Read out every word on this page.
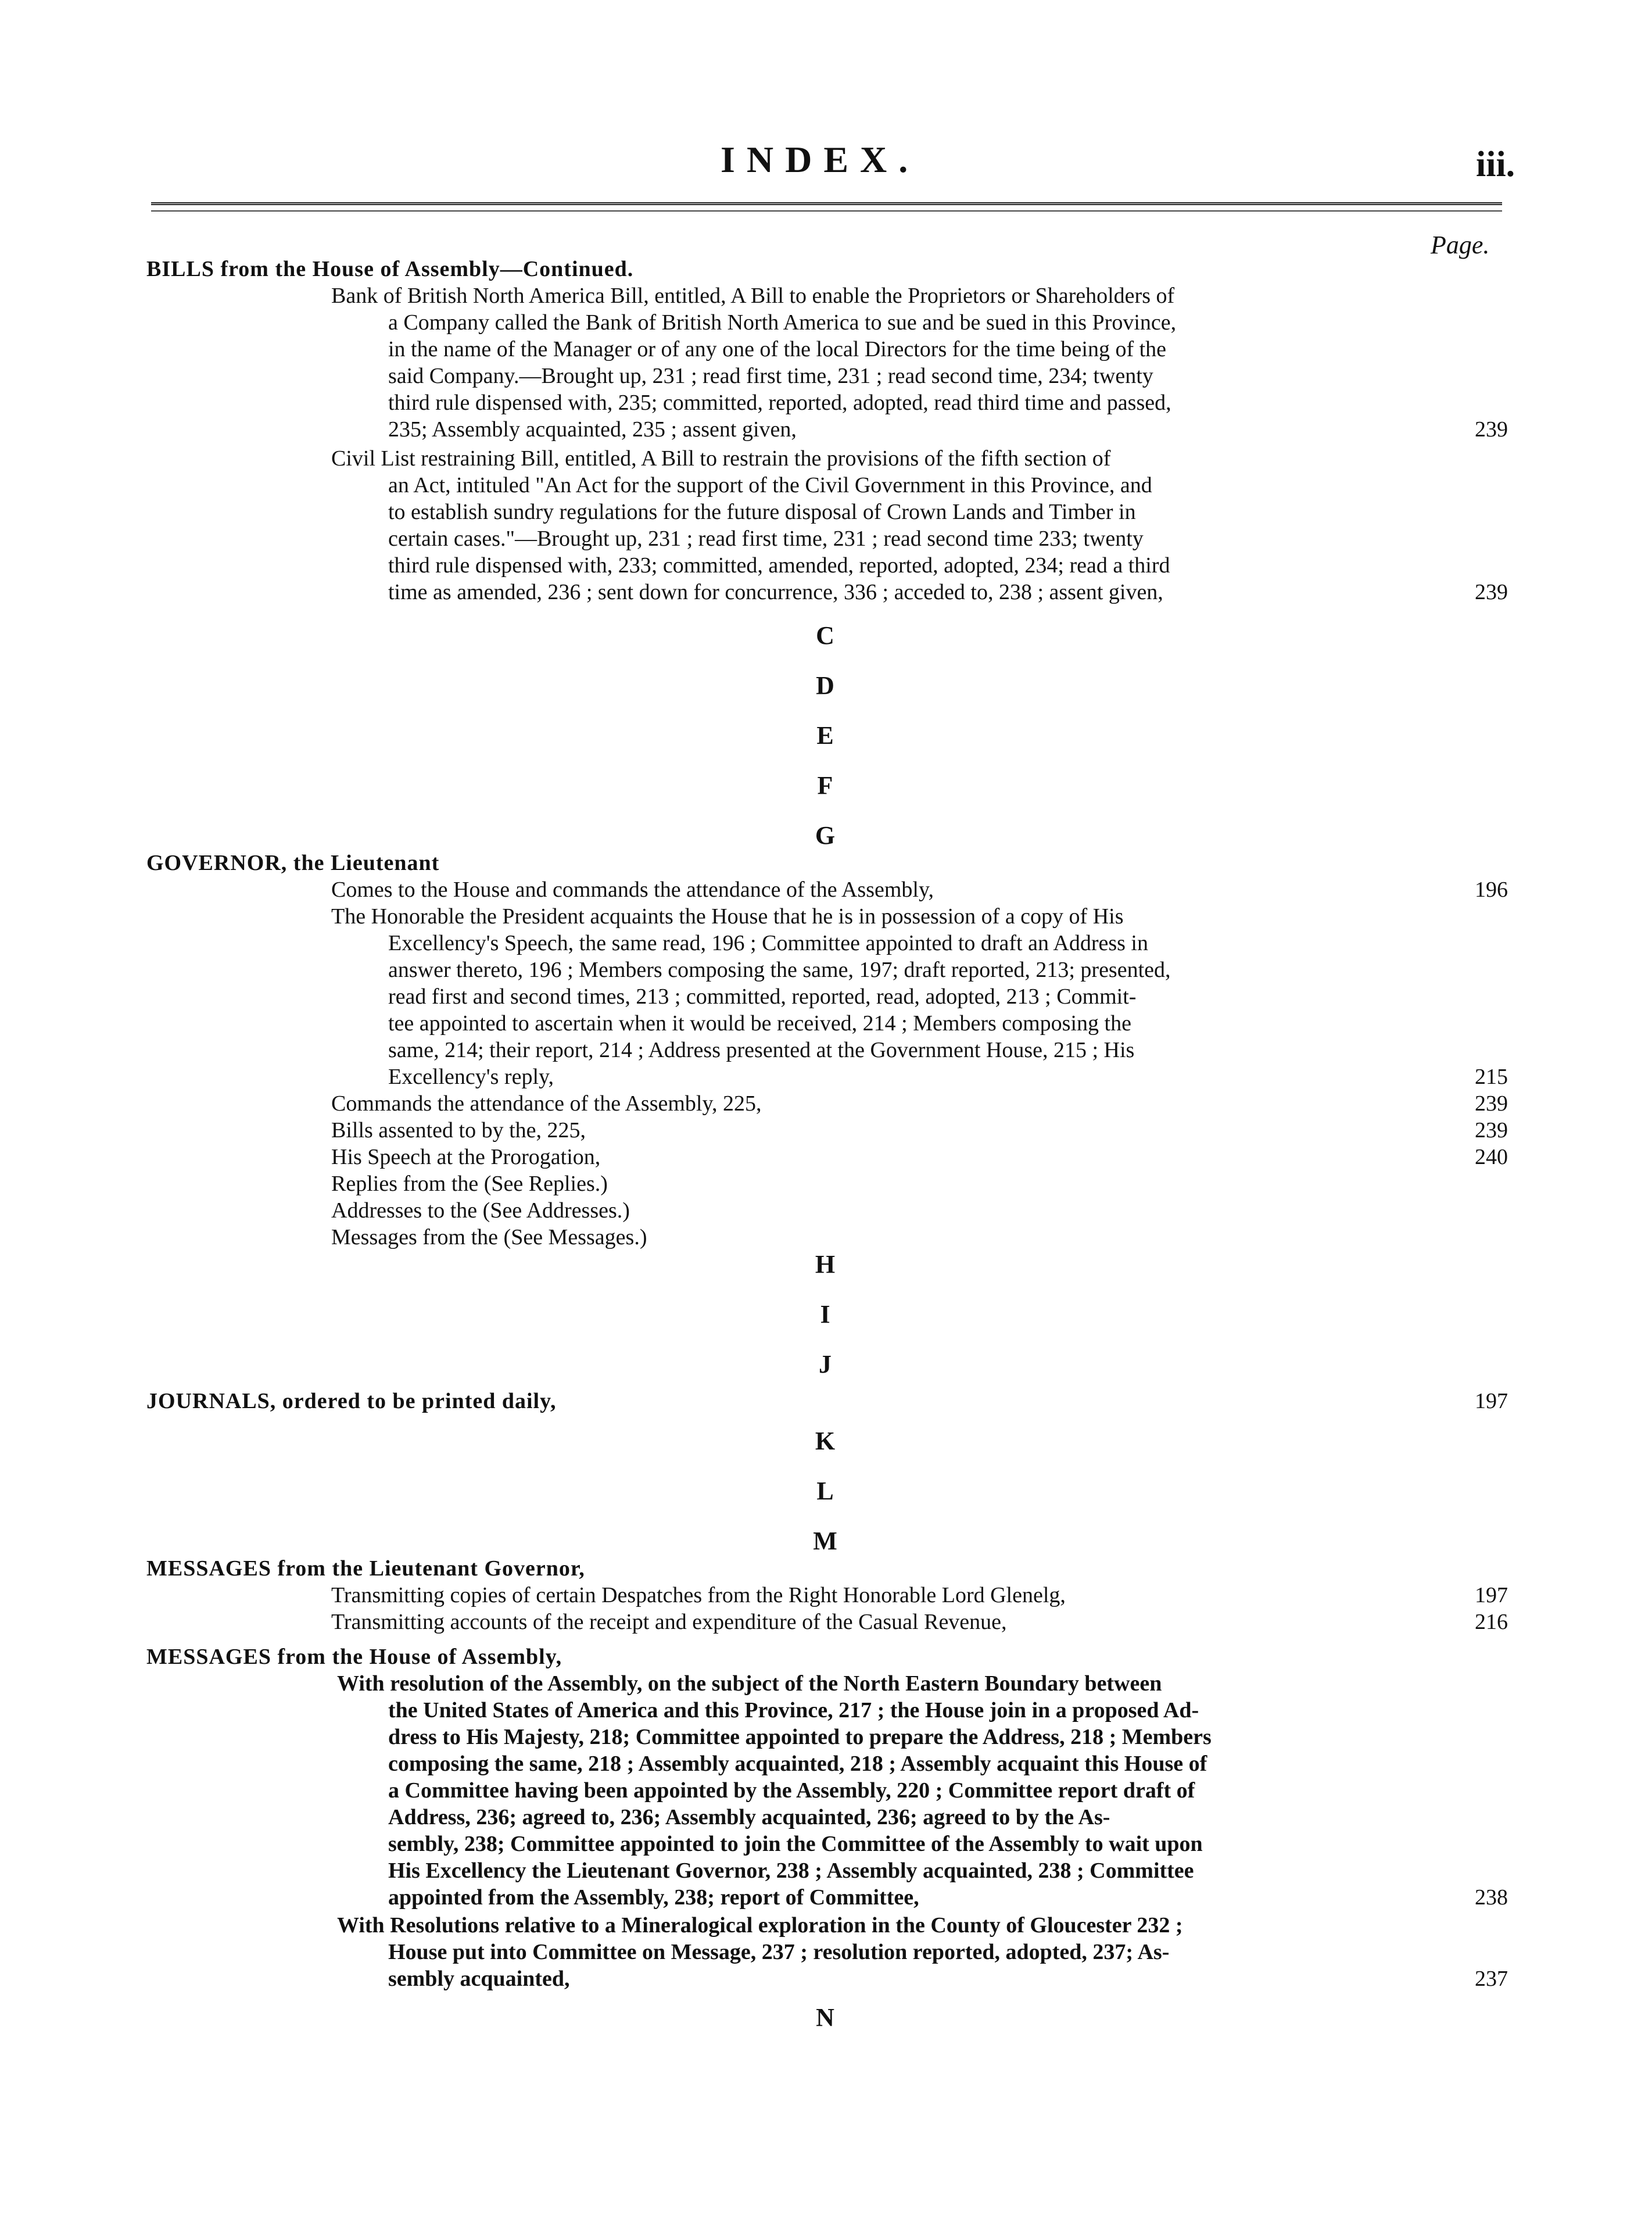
INDEX.	iii.
Page.
BILLS from the House of Assembly—Continued.
Bank of British North America Bill, entitled, A Bill to enable the Proprietors or Shareholders of
a Company called the Bank of British North America to sue and be sued in this Province,
in the name of the Manager or of any one of the local Directors for the time being of the
said Company.—Brought up, 231 ; read first time, 231 ; read second time, 234; twenty
third rule dispensed with, 235; committed, reported, adopted, read third time and passed,
235; Assembly acquainted, 235 ; assent given,	239
Civil List restraining Bill, entitled, A Bill to restrain the provisions of the fifth section of
an Act, intituled "An Act for the support of the Civil Government in this Province, and
to establish sundry regulations for the future disposal of Crown Lands and Timber in
certain cases."—Brought up, 231 ; read first time, 231 ; read second time 233; twenty
third rule dispensed with, 233; committed, amended, reported, adopted, 234; read a third
time as amended, 236 ; sent down for concurrence, 336 ; acceded to, 238 ; assent given,	239
C
D
E
F
G
GOVERNOR, the Lieutenant
Comes to the House and commands the attendance of the Assembly,	196
The Honorable the President acquaints the House that he is in possession of a copy of His
Excellency's Speech, the same read, 196 ; Committee appointed to draft an Address in
answer thereto, 196 ; Members composing the same, 197; draft reported, 213; presented,
read first and second times, 213 ; committed, reported, read, adopted, 213 ; Commit-
tee appointed to ascertain when it would be received, 214 ; Members composing the
same, 214; their report, 214 ; Address presented at the Government House, 215 ; His
Excellency's reply,	215
Commands the attendance of the Assembly, 225,	239
Bills assented to by the, 225,	239
His Speech at the Prorogation,	240
Replies from the (See Replies.)
Addresses to the (See Addresses.)
Messages from the (See Messages.)
H
I
J
JOURNALS, ordered to be printed daily,	197
K
L
M
MESSAGES from the Lieutenant Governor,
Transmitting copies of certain Despatches from the Right Honorable Lord Glenelg,	197
Transmitting accounts of the receipt and expenditure of the Casual Revenue,	216
MESSAGES from the House of Assembly,
With resolution of the Assembly, on the subject of the North Eastern Boundary between
the United States of America and this Province, 217 ; the House join in a proposed Ad-
dress to His Majesty, 218; Committee appointed to prepare the Address, 218 ; Members
composing the same, 218 ; Assembly acquainted, 218 ; Assembly acquaint this House of
a Committee having been appointed by the Assembly, 220 ; Committee report draft of
Address, 236; agreed to, 236; Assembly acquainted, 236; agreed to by the As-
sembly, 238; Committee appointed to join the Committee of the Assembly to wait upon
His Excellency the Lieutenant Governor, 238 ; Assembly acquainted, 238 ; Committee
appointed from the Assembly, 238; report of Committee,	238
With Resolutions relative to a Mineralogical exploration in the County of Gloucester 232 ;
House put into Committee on Message, 237 ; resolution reported, adopted, 237; As-
sembly acquainted,	237
N
